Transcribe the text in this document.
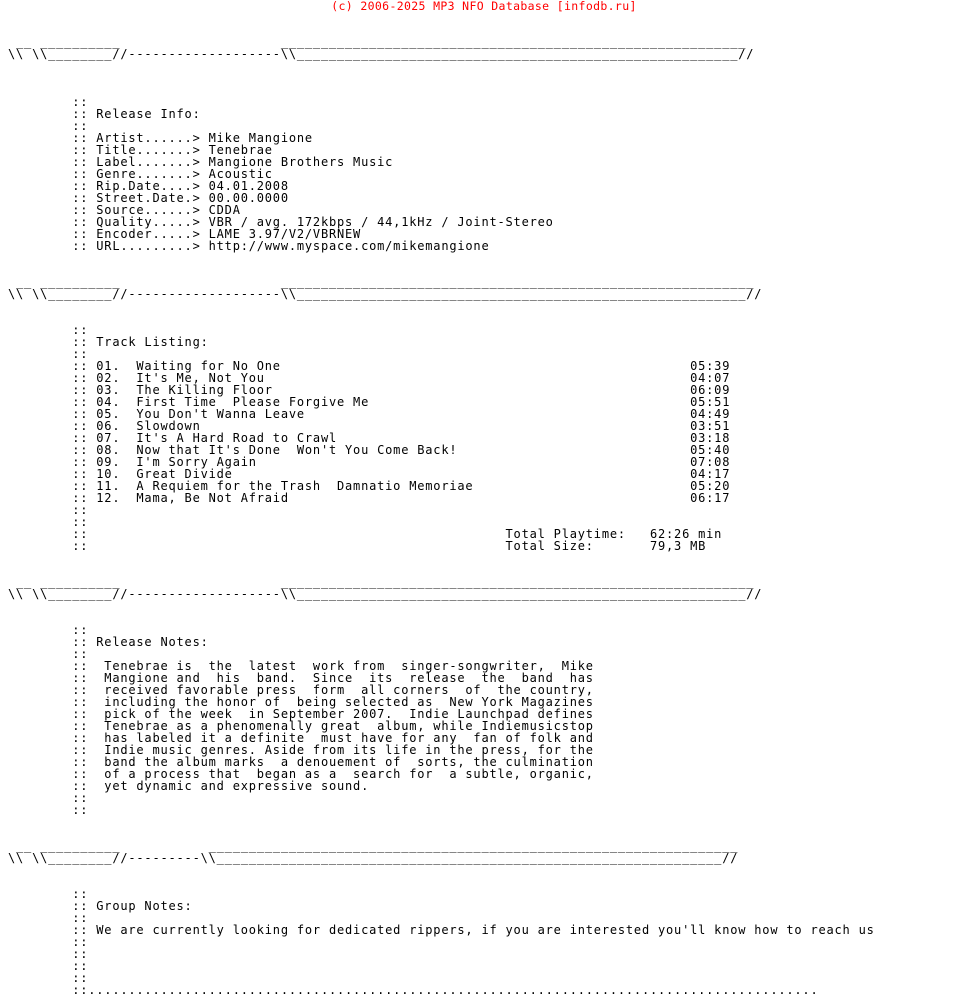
(c) 2006-2025 MP3 NFO Database [infodb.ru]
__ __________                    __________________________________________________________
\\ \\________//-------------------\\_______________________________________________________//

::
:: Release Info:
::
:: Artist......> Mike Mangione
:: Title.......> Tenebrae
:: Label.......> Mangione Brothers Music
:: Genre.......> Acoustic
:: Rip.Date....> 04.01.2008
:: Street.Date.> 00.00.0000
:: Source......> CDDA
:: Quality.....> VBR / avg. 172kbps / 44,1kHz / Joint-Stereo
:: Encoder.....> LAME 3.97/V2/VBRNEW
:: URL.........> http://www.myspace.com/mikemangione

__ __________                    ___________________________________________________________
\\ \\________//-------------------\\________________________________________________________//

::
:: Track Listing:
::
:: 01.  Waiting for No One                                                   05:39
:: 02.  It's Me, Not You                                                     04:07
:: 03.  The Killing Floor                                                    06:09
:: 04.  First Time  Please Forgive Me                                        05:51
:: 05.  You Don't Wanna Leave                                                04:49
:: 06.  Slowdown                                                             03:51
:: 07.  It's A Hard Road to Crawl                                            03:18
:: 08.  Now that It's Done  Won't You Come Back!                             05:40
:: 09.  I'm Sorry Again                                                      07:08
:: 10.  Great Divide                                                         04:17
:: 11.  A Requiem for the Trash  Damnatio Memoriae                           05:20
:: 12.  Mama, Be Not Afraid                                                  06:17
::
::
::                                                    Total Playtime:   62:26 min
::                                                    Total Size:       79,3 MB

__ __________                    ___________________________________________________________
\\ \\________//-------------------\\________________________________________________________//

::
:: Release Notes:
::
::  Tenebrae is  the  latest  work from  singer-songwriter,  Mike
::  Mangione and  his  band.  Since  its  release  the  band  has
::  received favorable press  form  all corners  of  the country,
::  including the honor of  being selected as  New York Magazines
::  pick of the week  in September 2007.  Indie Launchpad defines
::  Tenebrae as a phenomenally great  album, while Indiemusicstop
::  has labeled it a definite  must have for any  fan of folk and
::  Indie music genres. Aside from its life in the press, for the
::  band the album marks  a denouement of  sorts, the culmination
::  of a process that  began as a  search for  a subtle, organic,
::  yet dynamic and expressive sound.
::
::

__ __________           __________________________________________________________________
\\ \\________//---------\\_______________________________________________________________//

::
:: Group Notes:
::
:: We are currently looking for dedicated rippers, if you are interested you'll know how to reach us
::
::
::
::
::...........................................................................................
